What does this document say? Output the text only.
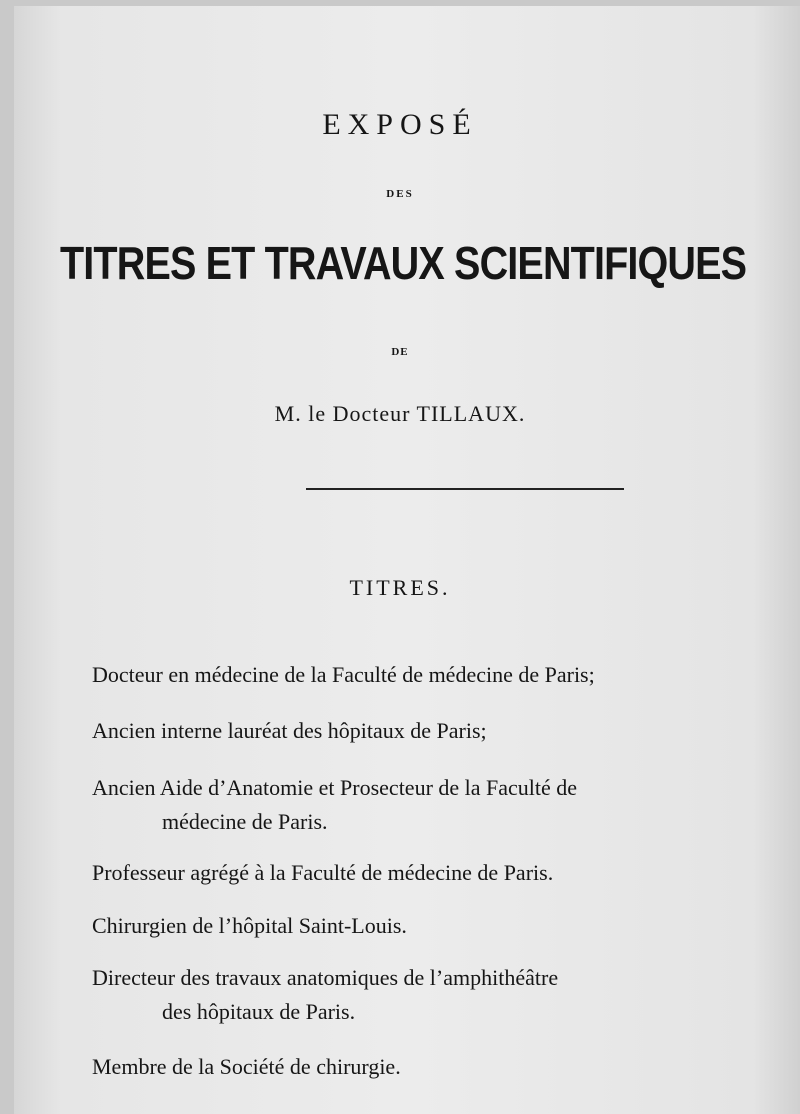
EXPOSÉ
DES
TITRES ET TRAVAUX SCIENTIFIQUES
DE
M. le Docteur TILLAUX.
TITRES.
Docteur en médecine de la Faculté de médecine de Paris;
Ancien interne lauréat des hôpitaux de Paris;
Ancien Aide d’Anatomie et Prosecteur de la Faculté de
médecine de Paris.
Professeur agrégé à la Faculté de médecine de Paris.
Chirurgien de l’hôpital Saint-Louis.
Directeur des travaux anatomiques de l’amphithéâtre
des hôpitaux de Paris.
Membre de la Société de chirurgie.
